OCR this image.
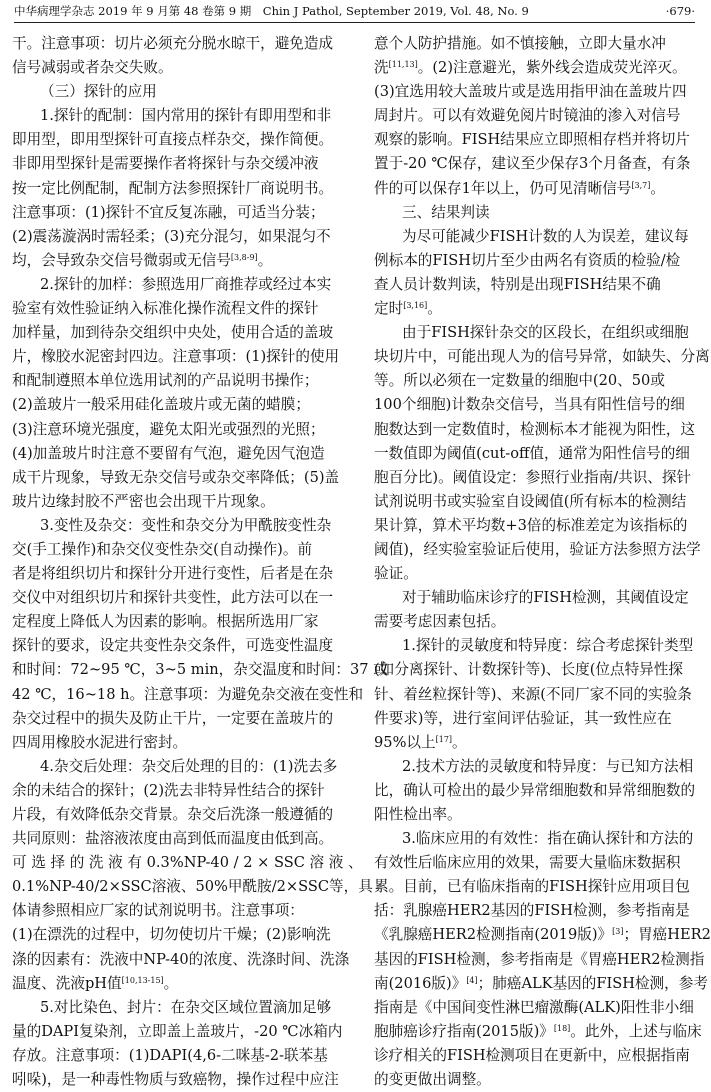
中华病理学杂志 2019 年 9 月第 48 卷第 9 期　Chin J Pathol, September 2019, Vol. 48, No. 9	·679·
干。注意事项：切片必须充分脱水晾干，避免造成
信号减弱或者杂交失败。
（三）探针的应用
1.探针的配制：国内常用的探针有即用型和非
即用型，即用型探针可直接点样杂交，操作简便。
非即用型探针是需要操作者将探针与杂交缓冲液
按一定比例配制，配制方法参照探针厂商说明书。
注意事项：(1)探针不宜反复冻融，可适当分装；
(2)震荡漩涡时需轻柔；(3)充分混匀，如果混匀不
均，会导致杂交信号微弱或无信号[3,8-9]。
2.探针的加样：参照选用厂商推荐或经过本实
验室有效性验证纳入标准化操作流程文件的探针
加样量，加到待杂交组织中央处，使用合适的盖玻
片，橡胶水泥密封四边。注意事项：(1)探针的使用
和配制遵照本单位选用试剂的产品说明书操作；
(2)盖玻片一般采用硅化盖玻片或无菌的蜡膜；
(3)注意环境光强度，避免太阳光或强烈的光照；
(4)加盖玻片时注意不要留有气泡，避免因气泡造
成干片现象，导致无杂交信号或杂交率降低；(5)盖
玻片边缘封胶不严密也会出现干片现象。
3.变性及杂交：变性和杂交分为甲酰胺变性杂
交(手工操作)和杂交仪变性杂交(自动操作)。前
者是将组织切片和探针分开进行变性，后者是在杂
交仪中对组织切片和探针共变性，此方法可以在一
定程度上降低人为因素的影响。根据所选用厂家
探针的要求，设定共变性杂交条件，可选变性温度
和时间：72~95 ℃，3~5 min，杂交温度和时间：37 或
42 ℃，16~18 h。注意事项：为避免杂交液在变性和
杂交过程中的损失及防止干片，一定要在盖玻片的
四周用橡胶水泥进行密封。
4.杂交后处理：杂交后处理的目的：(1)洗去多
余的未结合的探针；(2)洗去非特异性结合的探针
片段，有效降低杂交背景。杂交后洗涤一般遵循的
共同原则：盐溶液浓度由高到低而温度由低到高。
可 选 择 的 洗 液 有 0.3%NP-40 / 2 × SSC 溶 液 、
0.1%NP-40/2×SSC溶液、50%甲酰胺/2×SSC等，具
体请参照相应厂家的试剂说明书。注意事项：
(1)在漂洗的过程中，切勿使切片干燥；(2)影响洗
涤的因素有：洗液中NP-40的浓度、洗涤时间、洗涤
温度、洗液pH值[10,13-15]。
5.对比染色、封片：在杂交区域位置滴加足够
量的DAPI复染剂，立即盖上盖玻片，-20 ℃冰箱内
存放。注意事项：(1)DAPI(4,6-二咪基-2-联苯基
吲哚)，是一种毒性物质与致癌物，操作过程中应注
意个人防护措施。如不慎接触，立即大量水冲
洗[11,13]。(2)注意避光，紫外线会造成荧光淬灭。
(3)宜选用较大盖玻片或是选用指甲油在盖玻片四
周封片。可以有效避免阅片时镜油的渗入对信号
观察的影响。FISH结果应立即照相存档并将切片
置于-20 ℃保存，建议至少保存3个月备查，有条
件的可以保存1年以上，仍可见清晰信号[3,7]。
三、结果判读
为尽可能减少FISH计数的人为误差，建议每
例标本的FISH切片至少由两名有资质的检验/检
查人员计数判读，特别是出现FISH结果不确
定时[3,16]。
由于FISH探针杂交的区段长，在组织或细胞
块切片中，可能出现人为的信号异常，如缺失、分离
等。所以必须在一定数量的细胞中(20、50或
100个细胞)计数杂交信号，当具有阳性信号的细
胞数达到一定数值时，检测标本才能视为阳性，这
一数值即为阈值(cut-off值，通常为阳性信号的细
胞百分比)。阈值设定：参照行业指南/共识、探针
试剂说明书或实验室自设阈值(所有标本的检测结
果计算，算术平均数+3倍的标准差定为该指标的
阈值)，经实验室验证后使用，验证方法参照方法学
验证。
对于辅助临床诊疗的FISH检测，其阈值设定
需要考虑因素包括。
1.探针的灵敏度和特异度：综合考虑探针类型
(如分离探针、计数探针等)、长度(位点特异性探
针、着丝粒探针等)、来源(不同厂家不同的实验条
件要求)等，进行室间评估验证，其一致性应在
95%以上[17]。
2.技术方法的灵敏度和特异度：与已知方法相
比，确认可检出的最少异常细胞数和异常细胞数的
阳性检出率。
3.临床应用的有效性：指在确认探针和方法的
有效性后临床应用的效果，需要大量临床数据积
累。目前，已有临床指南的FISH探针应用项目包
括：乳腺癌HER2基因的FISH检测，参考指南是
《乳腺癌HER2检测指南(2019版)》[3]；胃癌HER2
基因的FISH检测，参考指南是《胃癌HER2检测指
南(2016版)》[4]；肺癌ALK基因的FISH检测，参考
指南是《中国间变性淋巴瘤激酶(ALK)阳性非小细
胞肺癌诊疗指南(2015版)》[18]。此外，上述与临床
诊疗相关的FISH检测项目在更新中，应根据指南
的变更做出调整。
